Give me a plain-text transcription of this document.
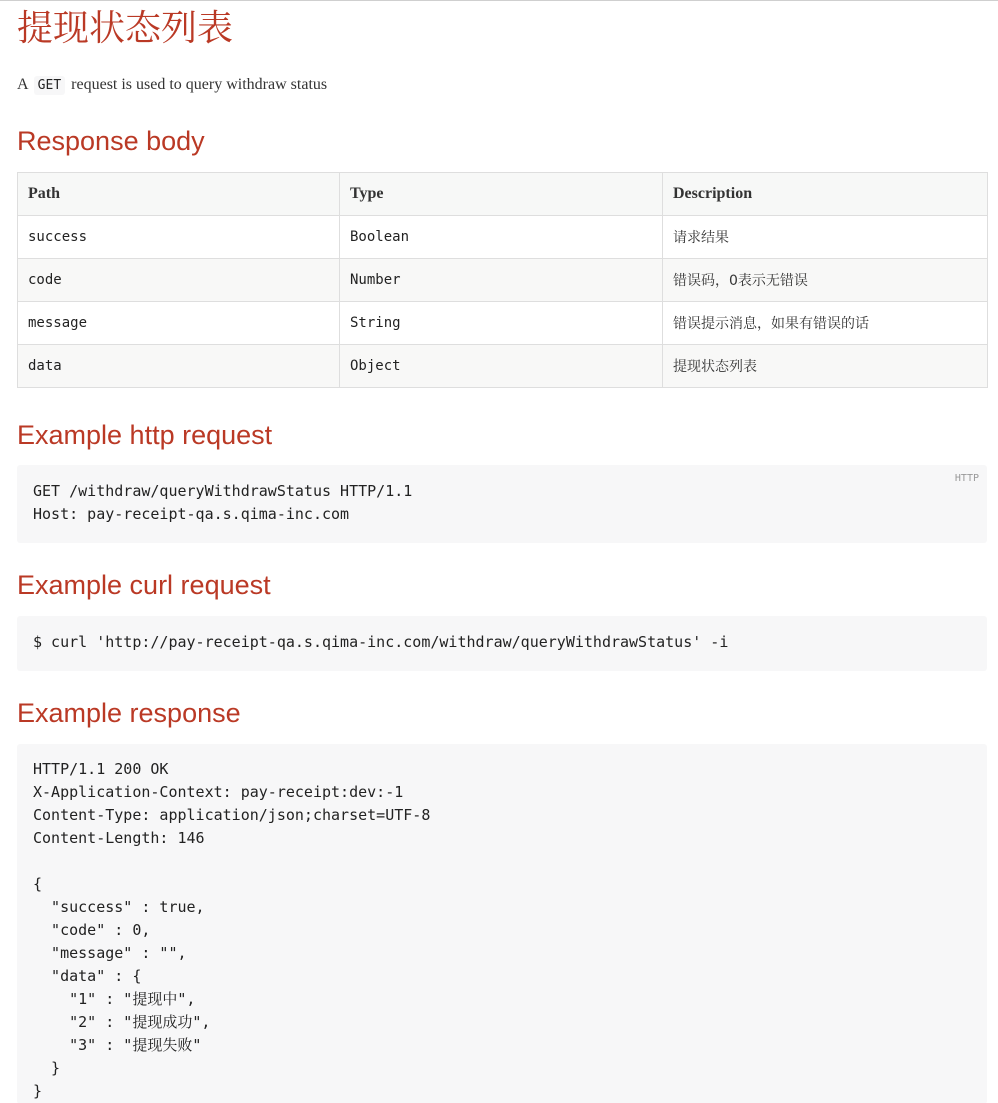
提现状态列表

A GET request is used to query withdraw status

Response body
Path	Type	Description
success	Boolean	请求结果
code	Number	错误码，0表示无错误
message	String	错误提示消息，如果有错误的话
data	Object	提现状态列表
Example http request
HTTP
GET /withdraw/queryWithdrawStatus HTTP/1.1
Host: pay-receipt-qa.s.qima-inc.com
Example curl request
$ curl 'http://pay-receipt-qa.s.qima-inc.com/withdraw/queryWithdrawStatus' -i
Example response
HTTP/1.1 200 OK
X-Application-Context: pay-receipt:dev:-1
Content-Type: application/json;charset=UTF-8
Content-Length: 146

{
"success" : true,
"code" : 0,
"message" : "",
"data" : {
"1" : "提现中",
"2" : "提现成功",
"3" : "提现失败"
}
}
